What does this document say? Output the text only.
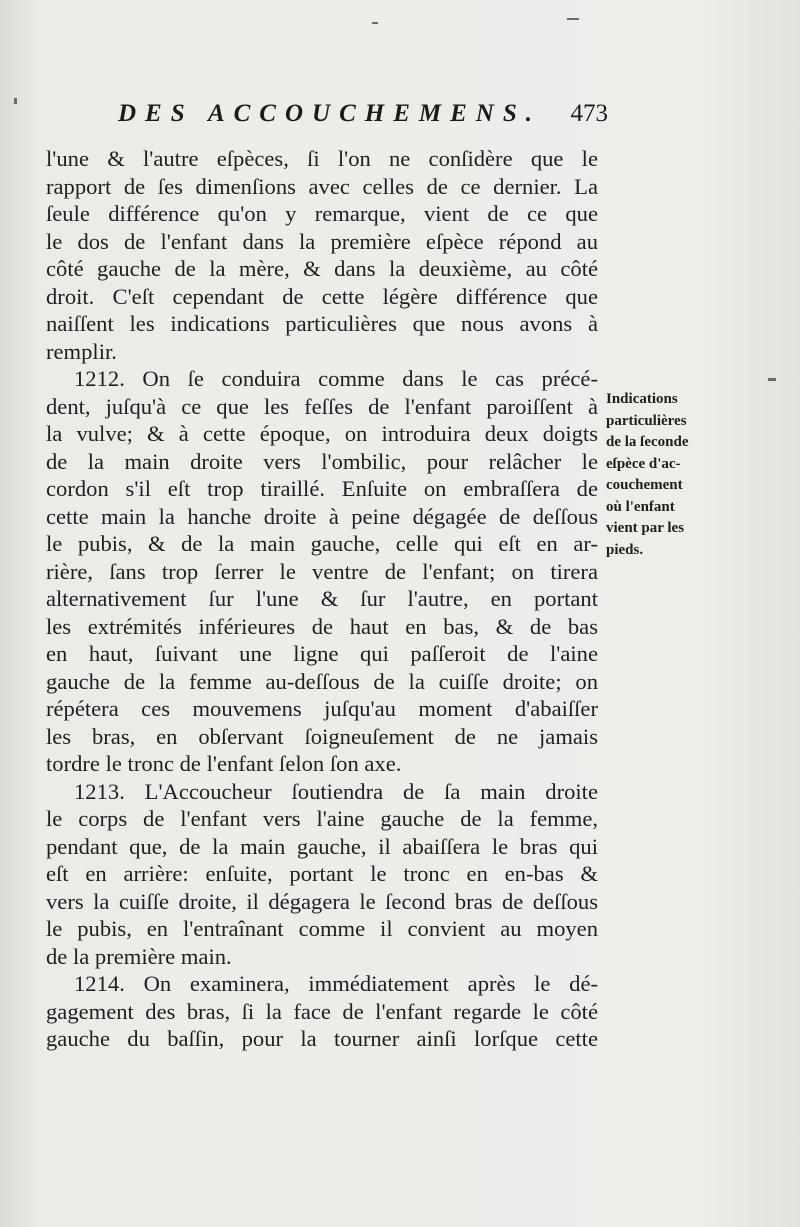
DES ACCOUCHEMENS. 473
l'une & l'autre eſpèces, ſi l'on ne conſidère que le
rapport de ſes dimenſions avec celles de ce dernier. La
ſeule différence qu'on y remarque, vient de ce que
le dos de l'enfant dans la première eſpèce répond au
côté gauche de la mère, & dans la deuxième, au côté
droit. C'eſt cependant de cette légère différence que
naiſſent les indications particulières que nous avons à
remplir.
1212. On ſe conduira comme dans le cas précé-
dent, juſqu'à ce que les feſſes de l'enfant paroiſſent à
la vulve; & à cette époque, on introduira deux doigts
de la main droite vers l'ombilic, pour relâcher le
cordon s'il eſt trop tiraillé. Enſuite on embraſſera de
cette main la hanche droite à peine dégagée de deſſous
le pubis, & de la main gauche, celle qui eſt en ar-
rière, ſans trop ſerrer le ventre de l'enfant; on tirera
alternativement ſur l'une & ſur l'autre, en portant
les extrémités inférieures de haut en bas, & de bas
en haut, ſuivant une ligne qui paſſeroit de l'aine
gauche de la femme au-deſſous de la cuiſſe droite; on
répétera ces mouvemens juſqu'au moment d'abaiſſer
les bras, en obſervant ſoigneuſement de ne jamais
tordre le tronc de l'enfant ſelon ſon axe.
1213. L'Accoucheur ſoutiendra de ſa main droite
le corps de l'enfant vers l'aine gauche de la femme,
pendant que, de la main gauche, il abaiſſera le bras qui
eſt en arrière: enſuite, portant le tronc en en-bas &
vers la cuiſſe droite, il dégagera le ſecond bras de deſſous
le pubis, en l'entraînant comme il convient au moyen
de la première main.
1214. On examinera, immédiatement après le dé-
gagement des bras, ſi la face de l'enfant regarde le côté
gauche du baſſin, pour la tourner ainſi lorſque cette
Indications
particulières
de la ſeconde
eſpèce d'ac-
couchement
où l'enfant
vient par les
pieds.
